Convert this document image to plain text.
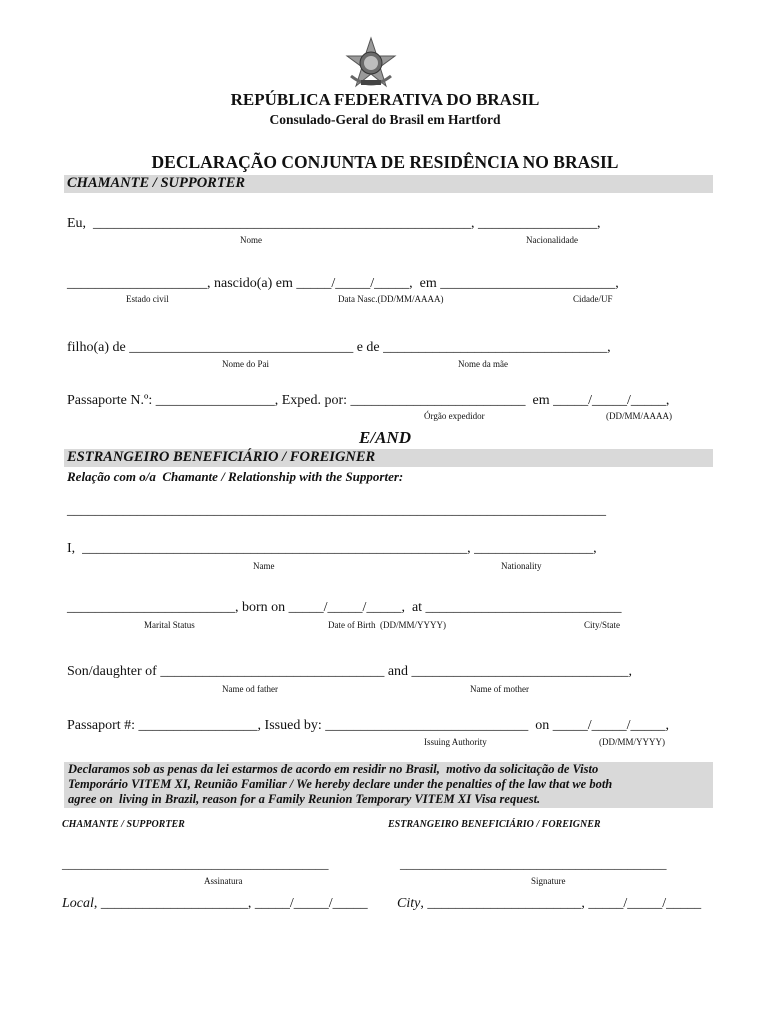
REPÚBLICA FEDERATIVA DO BRASIL
Consulado-Geral do Brasil em Hartford
DECLARAÇÃO CONJUNTA DE RESIDÊNCIA NO BRASIL
CHAMANTE / SUPPORTER
Eu,  ______________________________________________________, _________________,
Nome	Nacionalidade
____________________, nascido(a) em _____/_____/_____,  em _________________________,
Estado civil	Data Nasc.(DD/MM/AAAA)	Cidade/UF
filho(a) de ________________________________ e de ________________________________,
Nome do Pai	Nome da mãe
Passaporte N.º: _________________, Exped. por: _________________________  em _____/_____/_____,
Órgão expedidor	(DD/MM/AAAA)
E/AND
ESTRANGEIRO BENEFICIÁRIO / FOREIGNER
Relação com o/a  Chamante / Relationship with the Supporter:
_____________________________________________________________________________
I,  _______________________________________________________, _________________,
Name	Nationality
________________________, born on _____/_____/_____,  at ____________________________
Marital Status	Date of Birth  (DD/MM/YYYY)	City/State
Son/daughter of ________________________________ and _______________________________,
Name od father	Name of mother
Passaport #: _________________, Issued by: _____________________________  on _____/_____/_____,
Issuing Authority	(DD/MM/YYYY)
Declaramos sob as penas da lei estarmos de acordo em residir no Brasil,  motivo da solicitação de Visto
Temporário VITEM XI, Reunião Familiar / We hereby declare under the penalties of the law that we both
agree on  living in Brazil, reason for a Family Reunion Temporary VITEM XI Visa request.
CHAMANTE / SUPPORTER	ESTRANGEIRO BENEFICIÁRIO / FOREIGNER
_________________________________________	_________________________________________
Assinatura	Signature
Local, _____________________, _____/_____/_____ City, ______________________, _____/_____/_____
